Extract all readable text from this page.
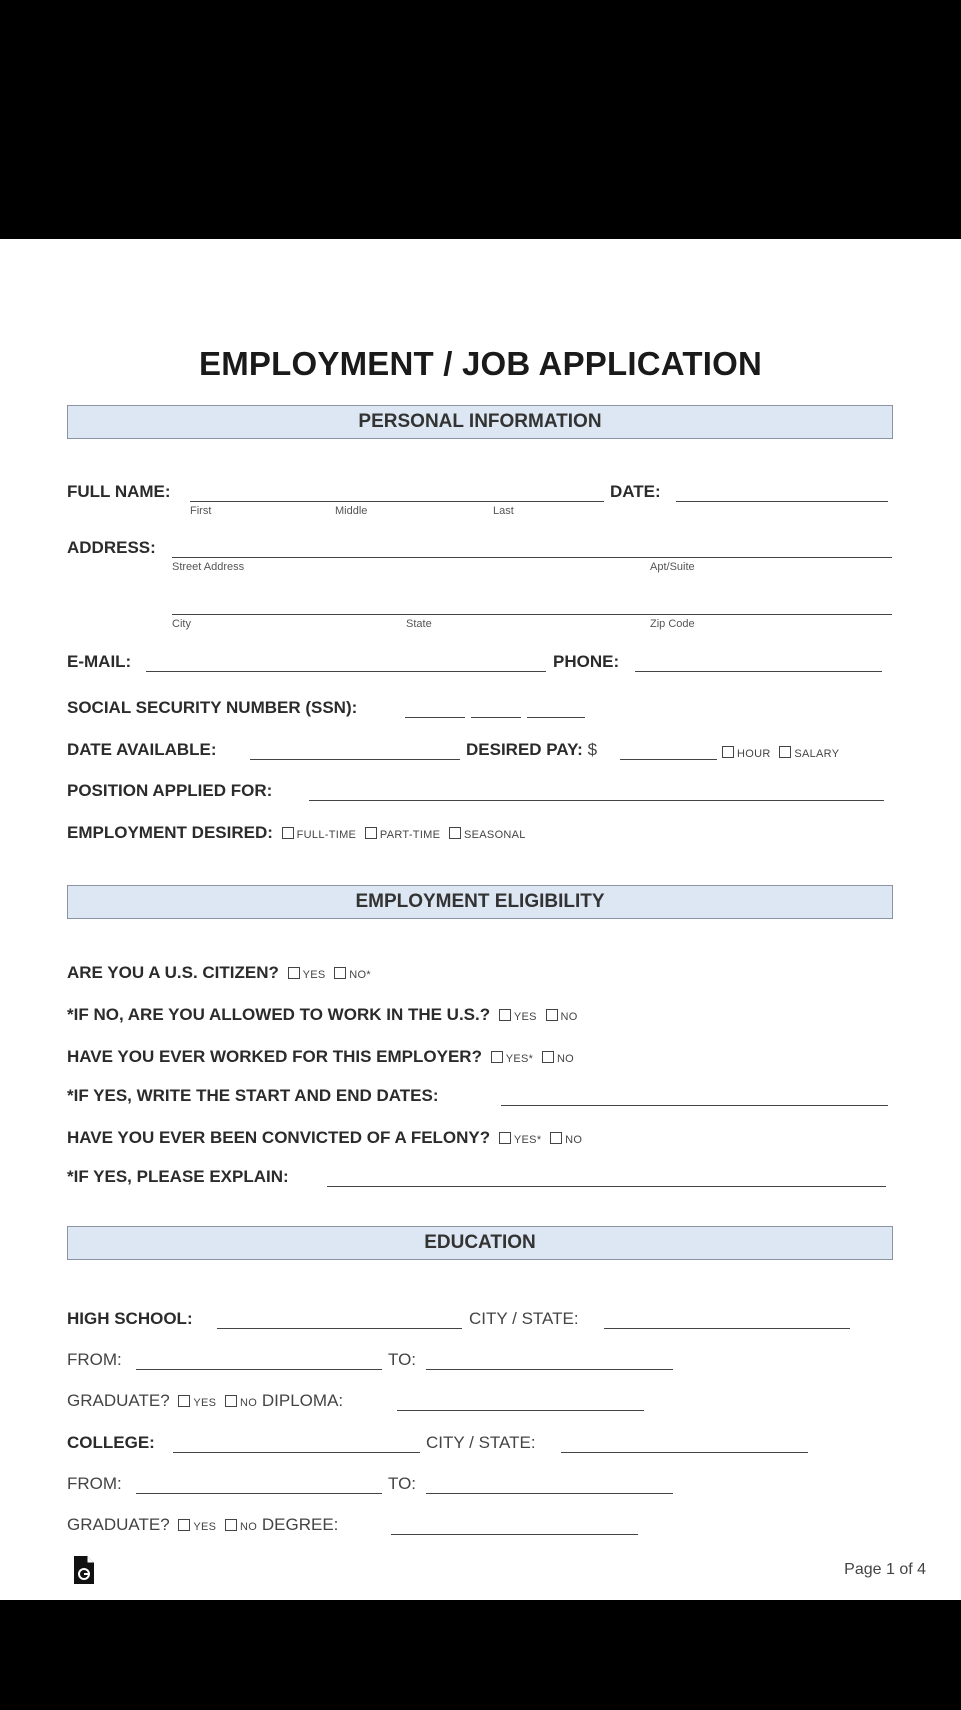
EMPLOYMENT / JOB APPLICATION
PERSONAL INFORMATION
FULL NAME:
First	Middle	Last
DATE:
ADDRESS:
Street Address	Apt/Suite
City	State	Zip Code
E-MAIL:	PHONE:
SOCIAL SECURITY NUMBER (SSN):
DATE AVAILABLE:	DESIRED PAY: $	HOUR SALARY
POSITION APPLIED FOR:
EMPLOYMENT DESIRED: FULL-TIME PART-TIME SEASONAL
EMPLOYMENT ELIGIBILITY
ARE YOU A U.S. CITIZEN? YES NO*
*IF NO, ARE YOU ALLOWED TO WORK IN THE U.S.? YES NO
HAVE YOU EVER WORKED FOR THIS EMPLOYER? YES* NO
*IF YES, WRITE THE START AND END DATES:
HAVE YOU EVER BEEN CONVICTED OF A FELONY? YES* NO
*IF YES, PLEASE EXPLAIN:
EDUCATION
HIGH SCHOOL:	CITY / STATE:
FROM:	TO:
GRADUATE? YES NO DIPLOMA:
COLLEGE:	CITY / STATE:
FROM:	TO:
GRADUATE? YES NO DEGREE:
Page 1 of 4
